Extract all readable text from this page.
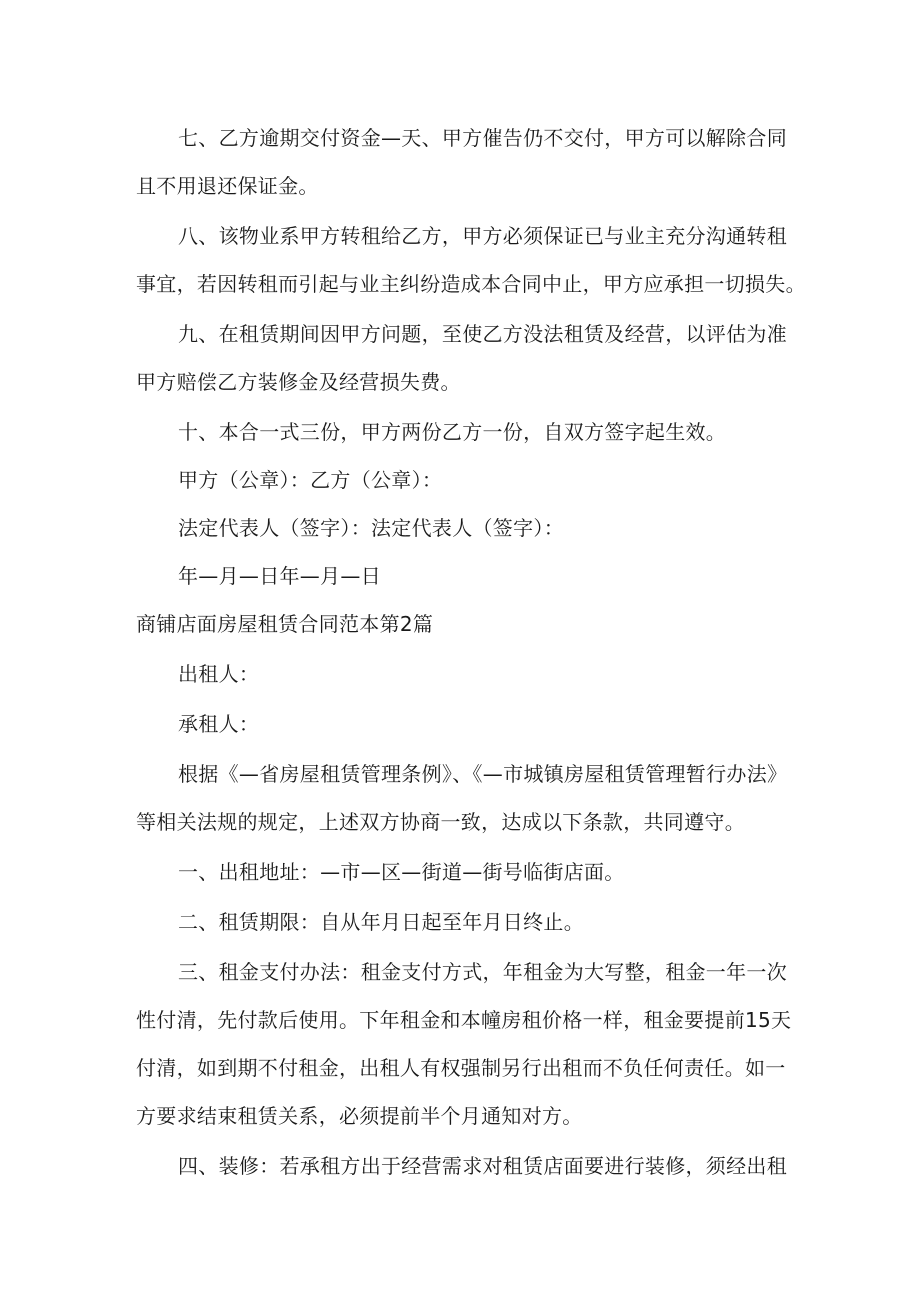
七、乙方逾期交付资金—天、甲方催告仍不交付，甲方可以解除合同
且不用退还保证金。
八、该物业系甲方转租给乙方，甲方必须保证已与业主充分沟通转租
事宜，若因转租而引起与业主纠纷造成本合同中止，甲方应承担一切损失。
九、在租赁期间因甲方问题，至使乙方没法租赁及经营，以评估为准
甲方赔偿乙方装修金及经营损失费。
十、本合一式三份，甲方两份乙方一份，自双方签字起生效。
甲方（公章）：乙方（公章）：
法定代表人（签字）：法定代表人（签字）：
年—月—日年—月—日
商铺店面房屋租赁合同范本第2篇
出租人：
承租人：
根据《—省房屋租赁管理条例》、《—市城镇房屋租赁管理暂行办法》
等相关法规的规定，上述双方协商一致，达成以下条款，共同遵守。
一、出租地址：—市—区—街道—街号临街店面。
二、租赁期限：自从年月日起至年月日终止。
三、租金支付办法：租金支付方式，年租金为大写整，租金一年一次
性付清，先付款后使用。下年租金和本幢房租价格一样，租金要提前15天
付清，如到期不付租金，出租人有权强制另行出租而不负任何责任。如一
方要求结束租赁关系，必须提前半个月通知对方。
四、装修：若承租方出于经营需求对租赁店面要进行装修，须经出租
